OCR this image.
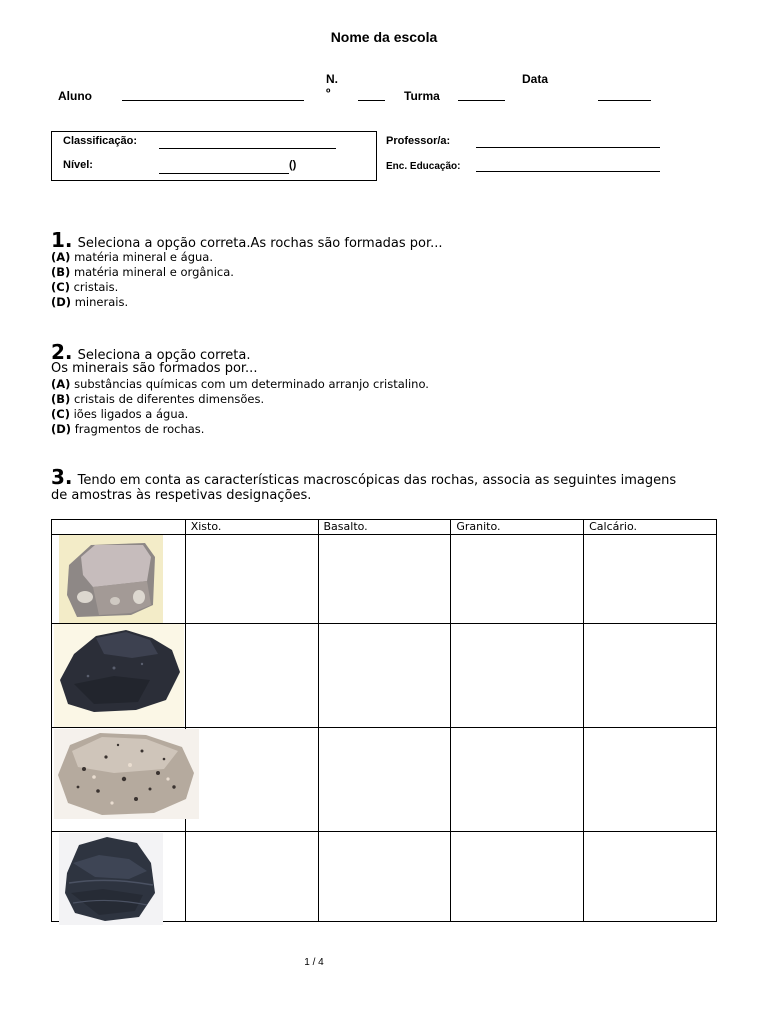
Nome da escola
Aluno
N.
º	Turma
Data
Classificação:
Nível:	()
Professor/a:
Enc. Educação:
1. Seleciona a opção correta.As rochas são formadas por...
(A) matéria mineral e água.
(B) matéria mineral e orgânica.
(C) cristais.
(D) minerais.
2. Seleciona a opção correta.
Os minerais são formados por...
(A) substâncias químicas com um determinado arranjo cristalino.
(B) cristais de diferentes dimensões.
(C) iões ligados a água.
(D) fragmentos de rochas.
3. Tendo em conta as características macroscópicas das rochas, associa as seguintes imagens
de amostras às respetivas designações.
	Xisto.	Basalto.	Granito.	Calcário.

1 / 4
